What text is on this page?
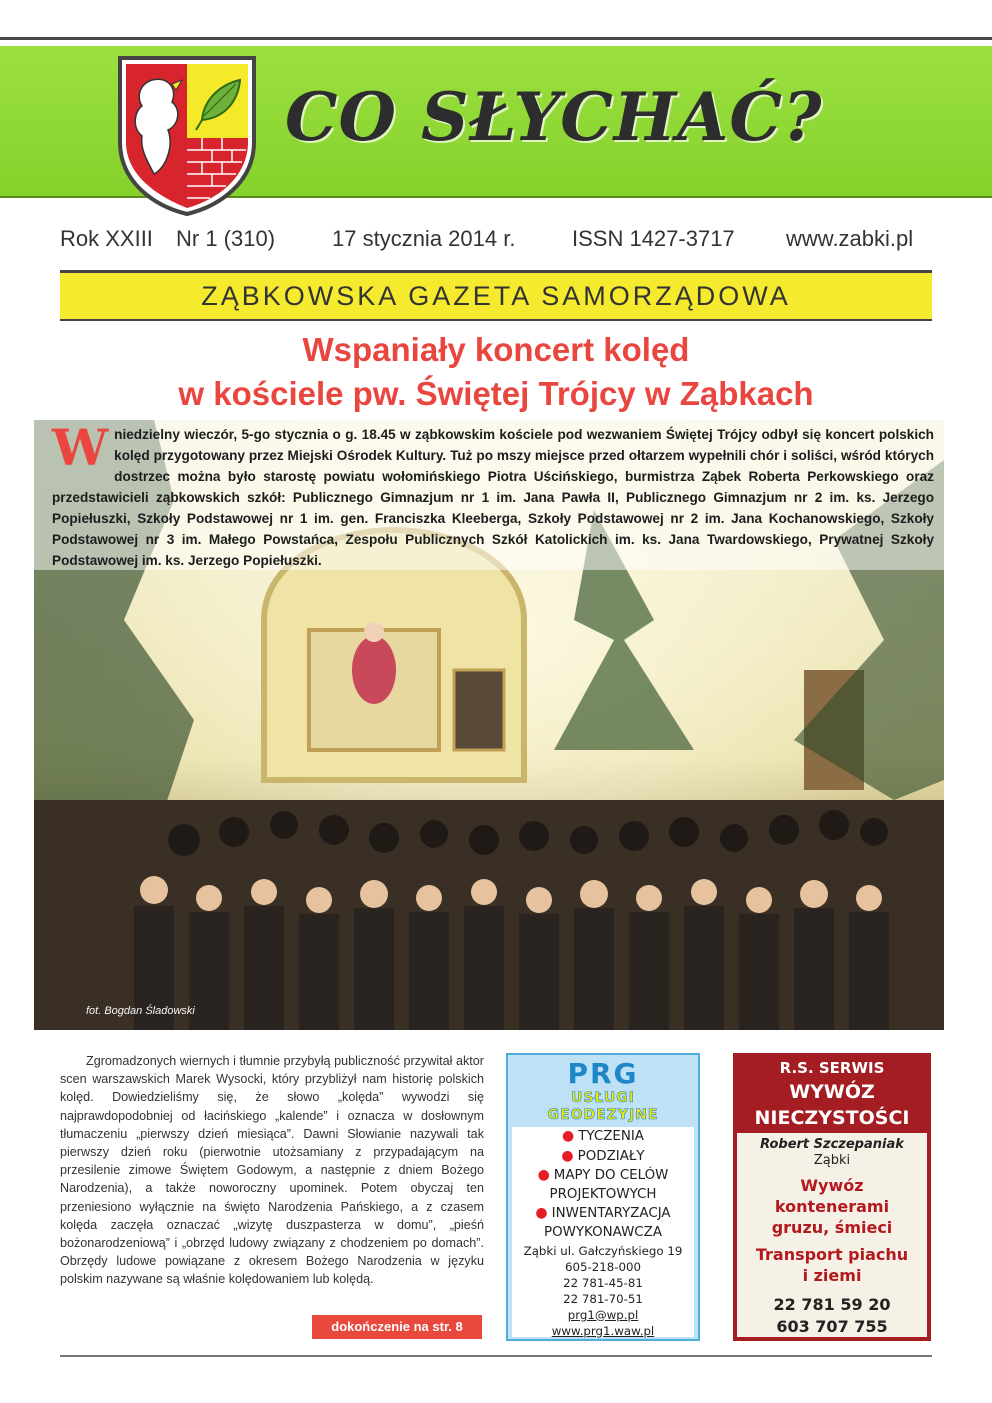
CO SŁYCHAĆ?
Rok XXIII Nr 1 (310)	17 stycznia 2014 r.	ISSN 1427-3717 www.zabki.pl
ZĄBKOWSKA GAZETA SAMORZĄDOWA
Wspaniały koncert kolęd
w kościele pw. Świętej Trójcy w Ząbkach
W niedzielny wieczór, 5-go stycznia o g. 18.45 w ząbkowskim kościele pod wezwaniem Świętej Trójcy odbył się koncert polskich kolęd przygotowany przez Miejski Ośrodek Kultury. Tuż po mszy miejsce przed ołtarzem wypełnili chór i soliści, wśród których dostrzec można było starostę powiatu wołomińskiego Piotra Uścińskiego, burmistrza Ząbek Roberta Perkowskiego oraz przedstawicieli ząbkowskich szkół: Publicznego Gimnazjum nr 1 im. Jana Pawła II, Publicznego Gimnazjum nr 2 im. ks. Jerzego Popiełuszki, Szkoły Podstawowej nr 1 im. gen. Franciszka Kleeberga, Szkoły Podstawowej nr 2 im. Jana Kochanowskiego, Szkoły Podstawowej nr 3 im. Małego Powstańca, Zespołu Publicznych Szkół Katolickich im. ks. Jana Twardowskiego, Prywatnej Szkoły Podstawowej im. ks. Jerzego Popiełuszki.
fot. Bogdan Śladowski
Zgromadzonych wiernych i tłumnie przybyłą publiczność przywitał aktor scen warszawskich Marek Wysocki, który przybliżył nam historię polskich kolęd. Dowiedzieliśmy się, że słowo „kolęda” wywodzi się najprawdopodobniej od łacińskiego „kalende” i oznacza w dosłownym tłumaczeniu „pierwszy dzień miesiąca”. Dawni Słowianie nazywali tak pierwszy dzień roku (pierwotnie utożsamiany z przypadającym na przesilenie zimowe Świętem Godowym, a następnie z dniem Bożego Narodzenia), a także noworoczny upominek. Potem obyczaj ten przeniesiono wyłącznie na święto Narodzenia Pańskiego, a z czasem kolęda zaczęła oznaczać „wizytę duszpasterza w domu”, „pieśń bożonarodzeniową” i „obrzęd ludowy związany z chodzeniem po domach”. Obrzędy ludowe powiązane z okresem Bożego Narodzenia w języku polskim nazywane są właśnie kolędowaniem lub kolędą.
dokończenie na str. 8
PRG
USŁUGI
GEODEZYJNE
● TYCZENIA
● PODZIAŁY
● MAPY DO CELÓW
PROJEKTOWYCH
● INWENTARYZACJA
POWYKONAWCZA
Ząbki ul. Gałczyńskiego 19
605-218-000
22 781-45-81
22 781-70-51
prg1@wp.pl
www.prg1.waw.pl
R.S. SERWIS
WYWÓZ
NIECZYSTOŚCI
Robert Szczepaniak
Ząbki
Wywóz
kontenerami
gruzu, śmieci
Transport piachu
i ziemi
22 781 59 20
603 707 755
